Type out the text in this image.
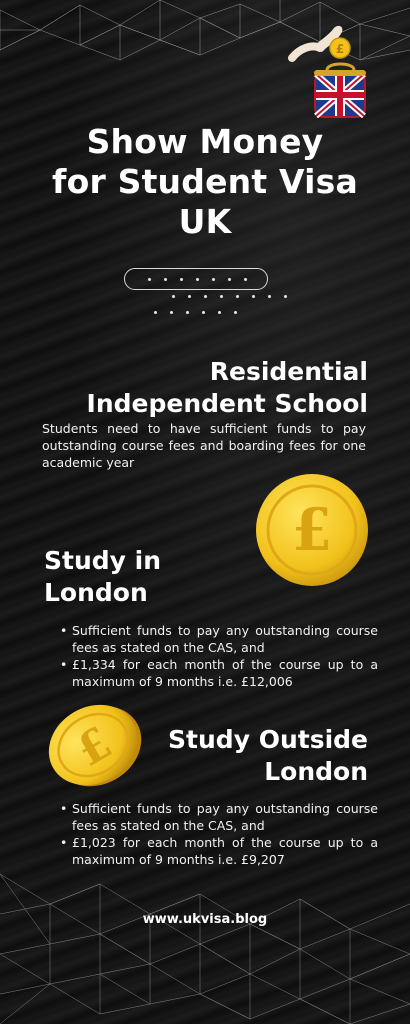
£
Show Money
for Student Visa
UK
Residential
Independent School
Students need to have sufficient funds to pay outstanding course fees and boarding fees for one academic year
£
Study in
London
• Sufficient funds to pay any outstanding course fees as stated on the CAS, and
• £1,334 for each month of the course up to a maximum of 9 months i.e. £12,006
£ Study Outside
London
• Sufficient funds to pay any outstanding course fees as stated on the CAS, and
• £1,023 for each month of the course up to a maximum of 9 months i.e. £9,207
www.ukvisa.blog
